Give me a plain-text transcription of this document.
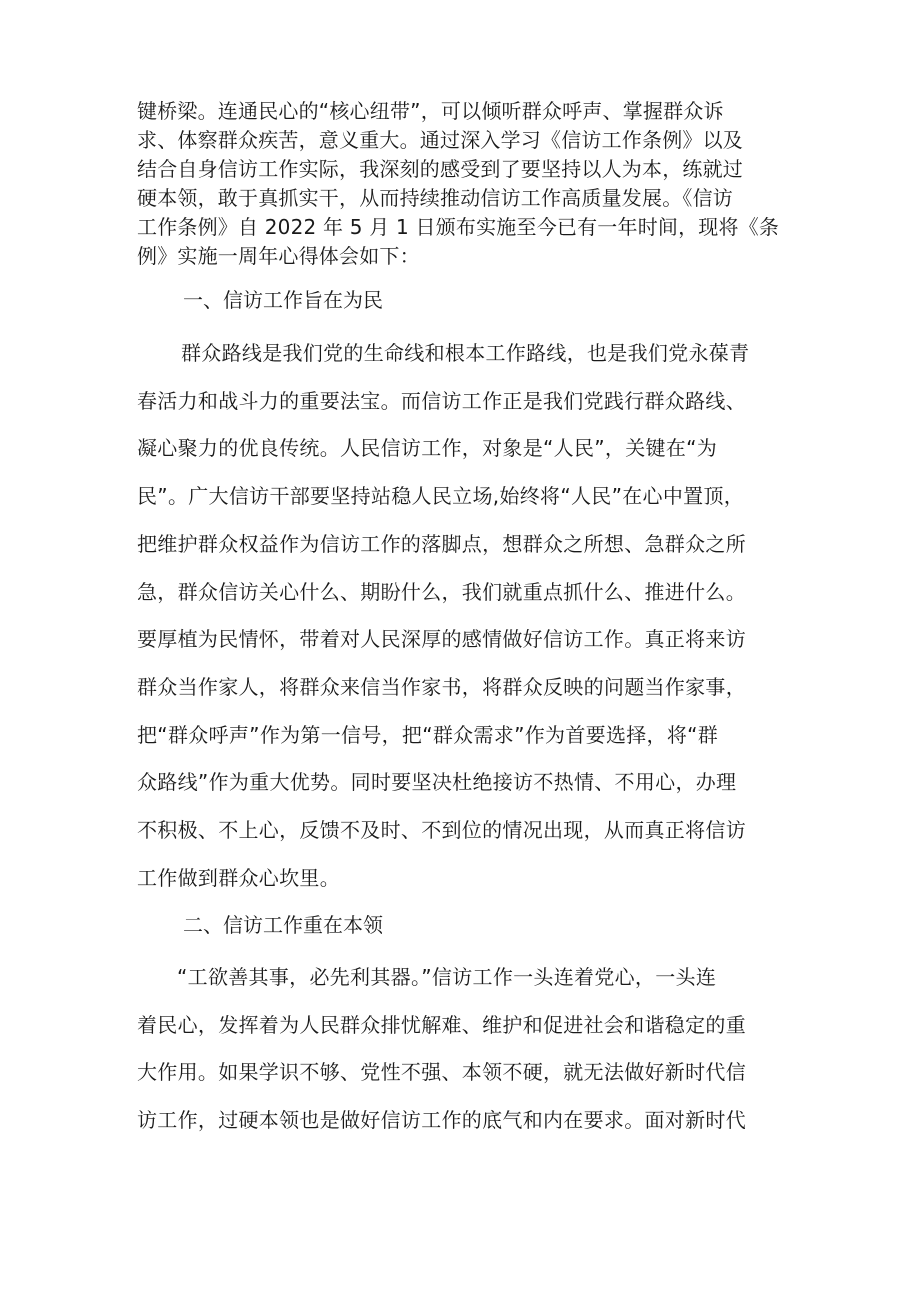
键桥梁。连通民心的“核心纽带”，可以倾听群众呼声、掌握群众诉
求、体察群众疾苦，意义重大。通过深入学习《信访工作条例》以及
结合自身信访工作实际，我深刻的感受到了要坚持以人为本，练就过
硬本领，敢于真抓实干，从而持续推动信访工作高质量发展。《信访
工作条例》自 2022 年 5 月 1 日颁布实施至今已有一年时间，现将《条
例》实施一周年心得体会如下：
一、信访工作旨在为民
群众路线是我们党的生命线和根本工作路线，也是我们党永葆青
春活力和战斗力的重要法宝。而信访工作正是我们党践行群众路线、
凝心聚力的优良传统。人民信访工作，对象是“人民”，关键在“为
民”。广大信访干部要坚持站稳人民立场,始终将“人民”在心中置顶，
把维护群众权益作为信访工作的落脚点，想群众之所想、急群众之所
急，群众信访关心什么、期盼什么，我们就重点抓什么、推进什么。
要厚植为民情怀，带着对人民深厚的感情做好信访工作。真正将来访
群众当作家人，将群众来信当作家书，将群众反映的问题当作家事，
把“群众呼声”作为第一信号，把“群众需求”作为首要选择，将“群
众路线”作为重大优势。同时要坚决杜绝接访不热情、不用心，办理
不积极、不上心，反馈不及时、不到位的情况出现，从而真正将信访
工作做到群众心坎里。
二、信访工作重在本领
“工欲善其事，必先利其器。”信访工作一头连着党心，一头连
着民心，发挥着为人民群众排忧解难、维护和促进社会和谐稳定的重
大作用。如果学识不够、党性不强、本领不硬，就无法做好新时代信
访工作，过硬本领也是做好信访工作的底气和内在要求。面对新时代
